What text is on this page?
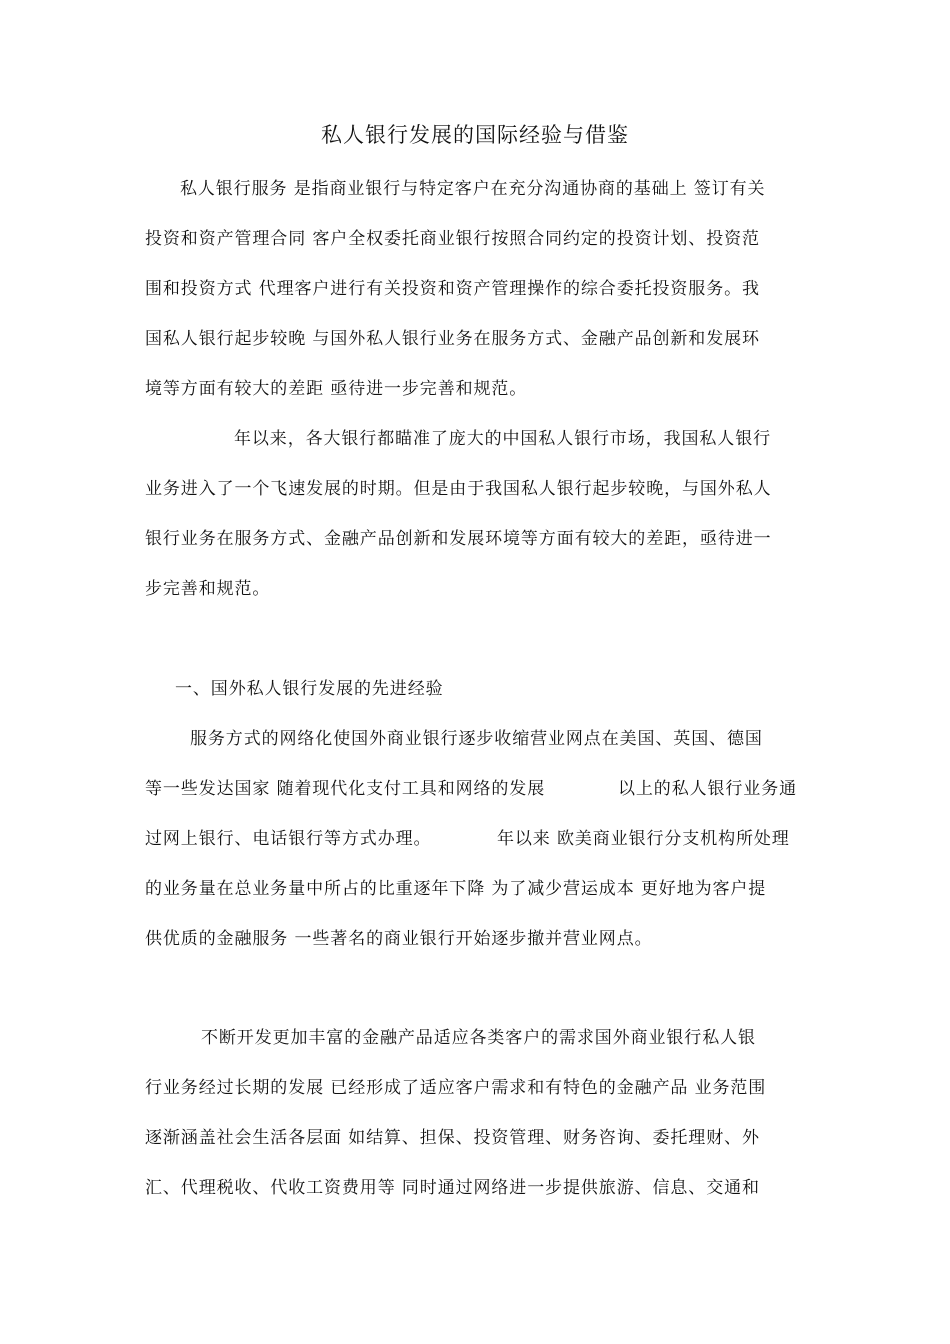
私人银行发展的国际经验与借鉴
私人银行服务 是指商业银行与特定客户在充分沟通协商的基础上 签订有关
投资和资产管理合同 客户全权委托商业银行按照合同约定的投资计划、投资范
围和投资方式 代理客户进行有关投资和资产管理操作的综合委托投资服务。我
国私人银行起步较晚 与国外私人银行业务在服务方式、金融产品创新和发展环
境等方面有较大的差距 亟待进一步完善和规范。
年以来，各大银行都瞄准了庞大的中国私人银行市场，我国私人银行
业务进入了一个飞速发展的时期。但是由于我国私人银行起步较晚，与国外私人
银行业务在服务方式、金融产品创新和发展环境等方面有较大的差距，亟待进一
步完善和规范。
一、国外私人银行发展的先进经验
服务方式的网络化使国外商业银行逐步收缩营业网点在美国、英国、德国
等一些发达国家 随着现代化支付工具和网络的发展	以上的私人银行业务通
过网上银行、电话银行等方式办理。	年以来 欧美商业银行分支机构所处理
的业务量在总业务量中所占的比重逐年下降 为了减少营运成本 更好地为客户提
供优质的金融服务 一些著名的商业银行开始逐步撤并营业网点。
不断开发更加丰富的金融产品适应各类客户的需求国外商业银行私人银
行业务经过长期的发展 已经形成了适应客户需求和有特色的金融产品 业务范围
逐渐涵盖社会生活各层面 如结算、担保、投资管理、财务咨询、委托理财、外
汇、代理税收、代收工资费用等 同时通过网络进一步提供旅游、信息、交通和
